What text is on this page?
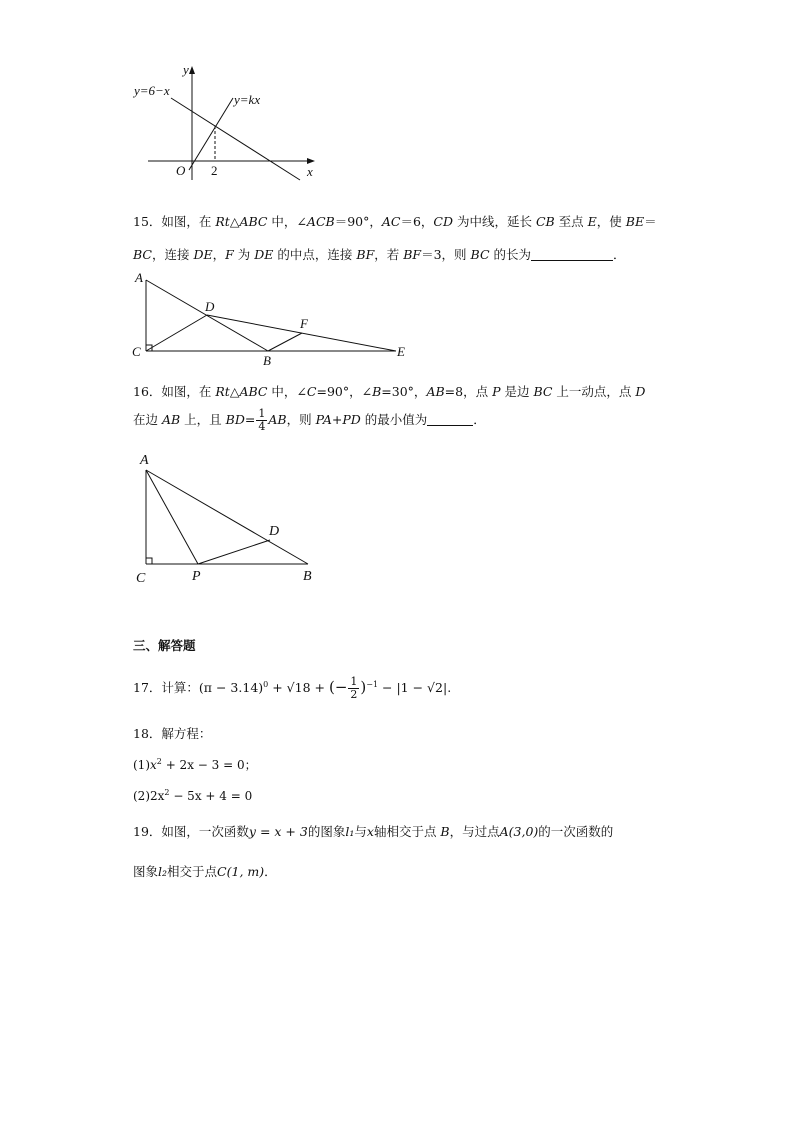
y
x
O 2
y=6−x
y=kx
15．如图，在 Rt△ABC 中，∠ACB＝90°，AC＝6，CD 为中线，延长 CB 至点 E，使 BE＝
BC，连接 DE，F 为 DE 的中点，连接 BF，若 BF＝3，则 BC 的长为	．
A
D
F
C
B
E
16．如图，在 Rt△ABC 中，∠C=90°，∠B=30°，AB=8，点 P 是边 BC 上一动点，点 D
在边 AB 上，且 $BD= \frac{1}{4}$ AB，则 PA+PD 的最小值为	．
A
D
C	P	B
三、解答题
17．计算：$(\pi - 3.14)^0 + √18$ + (− $\frac{1}{2} )^{-1} - |1 - √2|$.
18．解方程：
$(1)x^2 + 2x - 3 = 0$；
$(2)2x^2 - 5x + 4 = 0$
19．如图，一次函数y = x + 3的图象l₁与x轴相交于点 B，与过点A(3,0)的一次函数的
图象l₂相交于点C(1, m)．
